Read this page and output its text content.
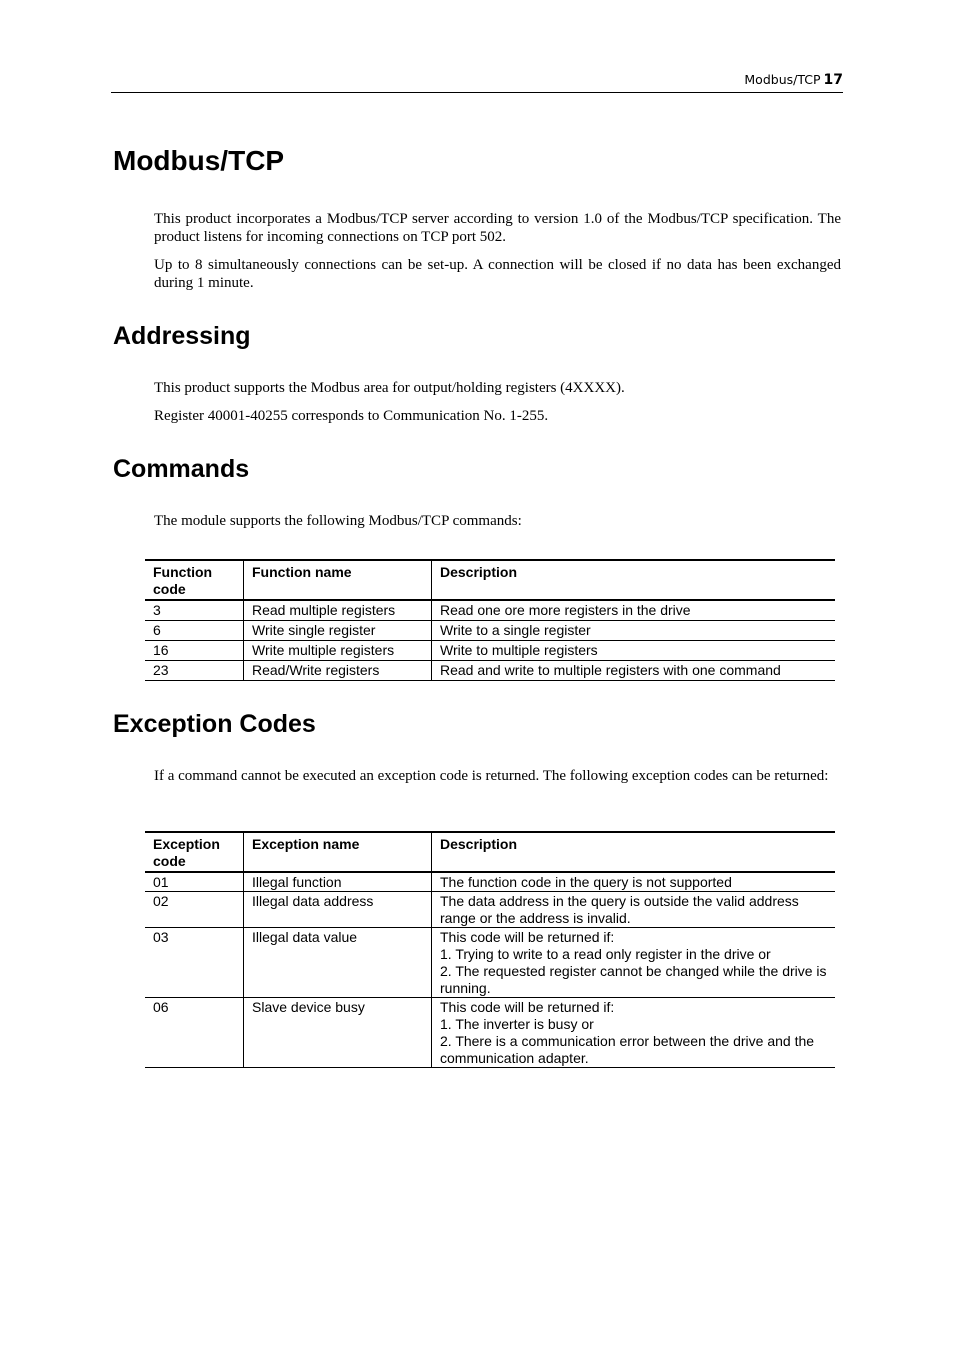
Modbus/TCP 17
Modbus/TCP

This product incorporates a Modbus/TCP server according to version 1.0 of the Modbus/TCP specification. The product listens for incoming connections on TCP port 502.

Up to 8 simultaneously connections can be set-up. A connection will be closed if no data has been exchanged during 1 minute.

Addressing

This product supports the Modbus area for output/holding registers (4XXXX).

Register 40001-40255 corresponds to Communication No. 1-255.

Commands

The module supports the following Modbus/TCP commands:

Function code	Function name	Description
3	Read multiple registers	Read one ore more registers in the drive
6	Write single register	Write to a single register
16	Write multiple registers	Write to multiple registers
23	Read/Write registers	Read and write to multiple registers with one command
Exception Codes

If a command cannot be executed an exception code is returned. The following exception codes can be returned:

Exception code	Exception name	Description
01	Illegal function	The function code in the query is not supported
02	Illegal data address	The data address in the query is outside the valid address range or the address is invalid.
03	Illegal data value	This code will be returned if:
1. Trying to write to a read only register in the drive or
2. The requested register cannot be changed while the drive is running.
06	Slave device busy	This code will be returned if:
1. The inverter is busy or
2. There is a communication error between the drive and the communication adapter.
